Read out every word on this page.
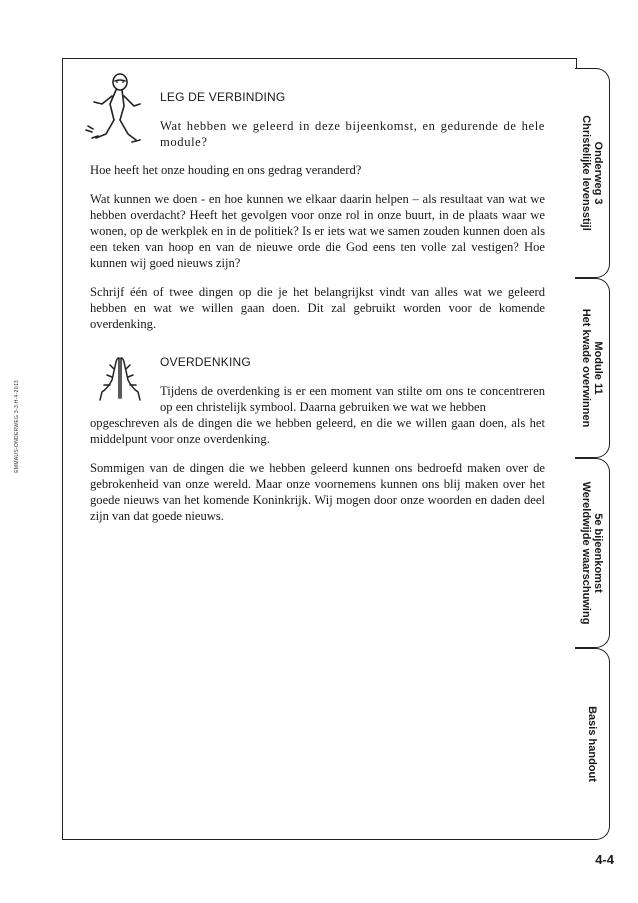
EMMAUS-ONDERWEG 3-3.H-4-2013
Onderweg 3
Christelijke levensstijl
Module 11
Het kwade overwinnen
5e bijeenkomst
Wereldwijde waarschuwing
Basis handout
LEG DE VERBINDING

Wat hebben we geleerd in deze bijeenkomst, en gedurende de hele module?

Hoe heeft het onze houding en ons gedrag veranderd?

Wat kunnen we doen - en hoe kunnen we elkaar daarin helpen – als resultaat van wat we hebben overdacht? Heeft het gevolgen voor onze rol in onze buurt, in de plaats waar we wonen, op de werkplek en in de politiek? Is er iets wat we samen zouden kunnen doen als een teken van hoop en van de nieuwe orde die God eens ten volle zal vestigen? Hoe kunnen wij goed nieuws zijn?

Schrijf één of twee dingen op die je het belangrijkst vindt van alles wat we geleerd hebben en wat we willen gaan doen. Dit zal gebruikt worden voor de komende overdenking.

OVERDENKING

Tijdens de overdenking is er een moment van stilte om ons te concentreren op een christelijk symbool. Daarna gebruiken we wat we hebben

opgeschreven als de dingen die we hebben geleerd, en die we willen gaan doen, als het middelpunt voor onze overdenking.

Sommigen van de dingen die we hebben geleerd kunnen ons bedroefd maken over de gebrokenheid van onze wereld. Maar onze voornemens kunnen ons blij maken over het goede nieuws van het komende Koninkrijk. Wij mogen door onze woorden en daden deel zijn van dat goede nieuws.

4-4
